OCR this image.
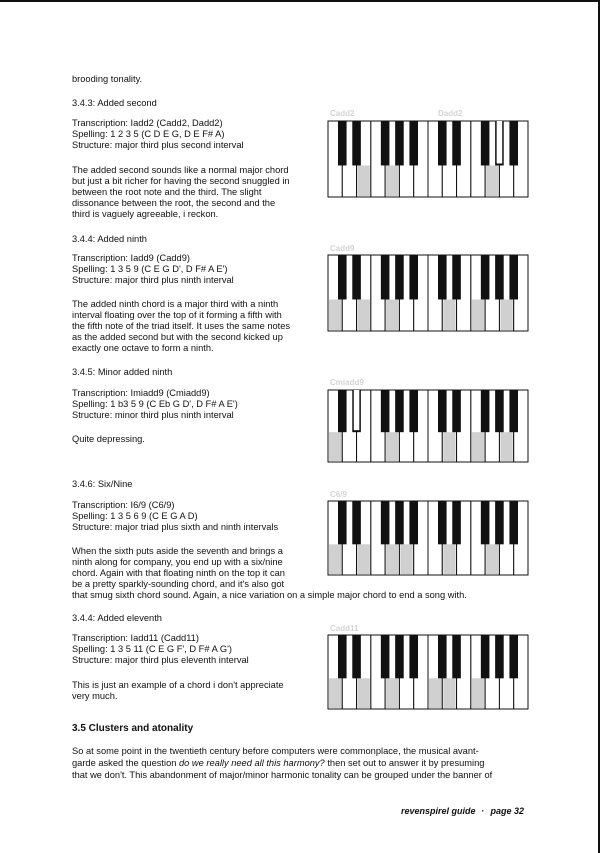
brooding tonality.
3.4.3: Added second
Transcription: Iadd2 (Cadd2, Dadd2)
Spelling: 1 2 3 5 (C D E G, D E F# A)
Structure: major third plus second interval
The added second sounds like a normal major chord
but just a bit richer for having the second snuggled in
between the root note and the third. The slight
dissonance between the root, the second and the
third is vaguely agreeable, i reckon.
Cadd2	Dadd2
3.4.4: Added ninth
Transcription: Iadd9 (Cadd9)
Spelling: 1 3 5 9 (C E G D', D F# A E')
Structure: major third plus ninth interval
The added ninth chord is a major third with a ninth
interval floating over the top of it forming a fifth with
the fifth note of the triad itself. It uses the same notes
as the added second but with the second kicked up
exactly one octave to form a ninth.
Cadd9
3.4.5: Minor added ninth
Transcription: Imiadd9 (Cmiadd9)
Spelling: 1 b3 5 9 (C Eb G D', D F# A E')
Structure: minor third plus ninth interval
Quite depressing.
Cmiadd9
3.4.6: Six/Nine
Transcription: I6/9 (C6/9)
Spelling: 1 3 5 6 9 (C E G A D)
Structure: major triad plus sixth and ninth intervals
When the sixth puts aside the seventh and brings a
ninth along for company, you end up with a six/nine
chord. Again with that floating ninth on the top it can
be a pretty sparkly-sounding chord, and it's also got
that smug sixth chord sound. Again, a nice variation on a simple major chord to end a song with.
C6/9
3.4.4: Added eleventh
Transcription: Iadd11 (Cadd11)
Spelling: 1 3 5 11 (C E G F', D F# A G')
Structure: major third plus eleventh interval
This is just an example of a chord i don't appreciate
very much.
Cadd11
3.5 Clusters and atonality
So at some point in the twentieth century before computers were commonplace, the musical avant-
garde asked the question do we really need all this harmony? then set out to answer it by presuming
that we don't. This abandonment of major/minor harmonic tonality can be grouped under the banner of
revenspirel guide · page 32
